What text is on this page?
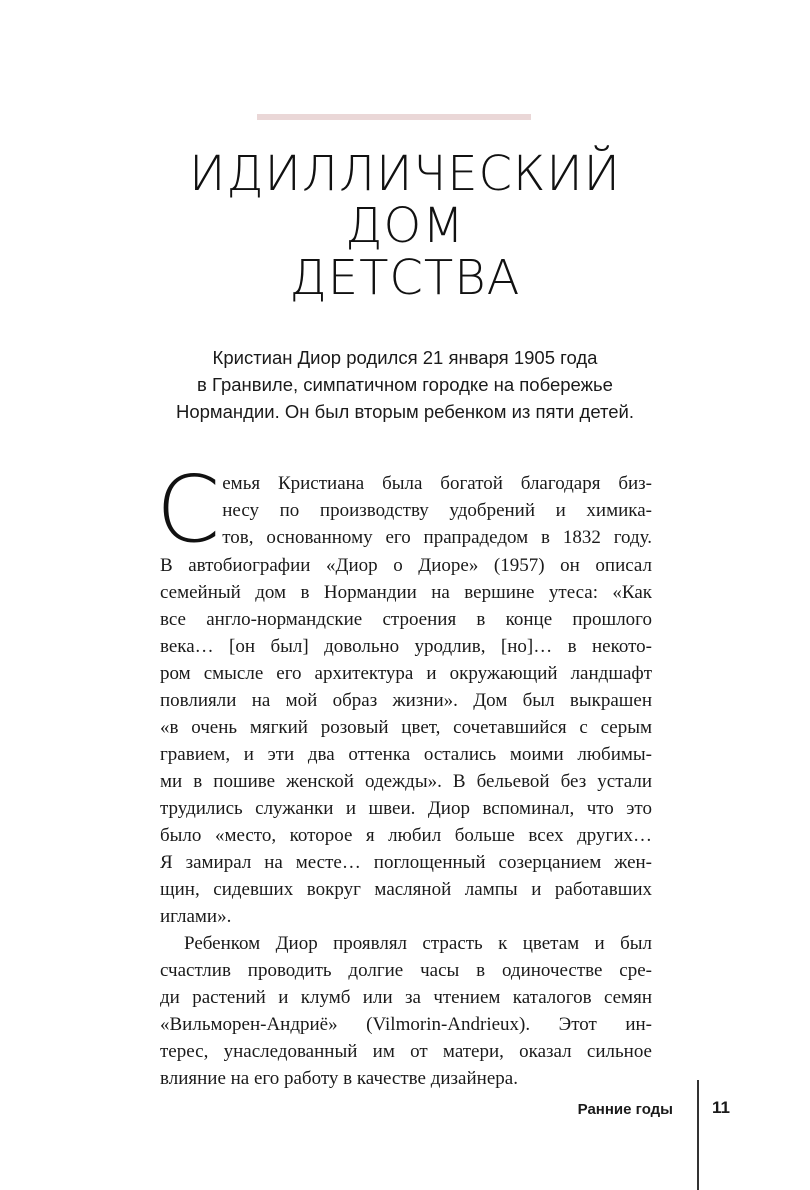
ИДИЛЛИЧЕСКИЙ
ДОМ
ДЕТСТВА
Кристиан Диор родился 21 января 1905 года
в Гранвиле, симпатичном городке на побережье
Нормандии. Он был вторым ребенком из пяти детей.
С емья Кристиана была богатой благодаря биз-
несу по производству удобрений и химика-
тов, основанному его прапрадедом в 1832 году.
В автобиографии «Диор о Диоре» (1957) он описал
семейный дом в Нормандии на вершине утеса: «Как
все англо-нормандские строения в конце прошлого
века… [он был] довольно уродлив, [но]… в некото-
ром смысле его архитектура и окружающий ландшафт
повлияли на мой образ жизни». Дом был выкрашен
«в очень мягкий розовый цвет, сочетавшийся с серым
гравием, и эти два оттенка остались моими любимы-
ми в пошиве женской одежды». В бельевой без устали
трудились служанки и швеи. Диор вспоминал, что это
было «место, которое я любил больше всех других…
Я замирал на месте… поглощенный созерцанием жен-
щин, сидевших вокруг масляной лампы и работавших
иглами».
Ребенком Диор проявлял страсть к цветам и был
счастлив проводить долгие часы в одиночестве сре-
ди растений и клумб или за чтением каталогов семян
«Вильморен-Андриё» (Vilmorin-Andrieux). Этот ин-
терес, унаследованный им от матери, оказал сильное
влияние на его работу в качестве дизайнера.
Ранние годы 11
